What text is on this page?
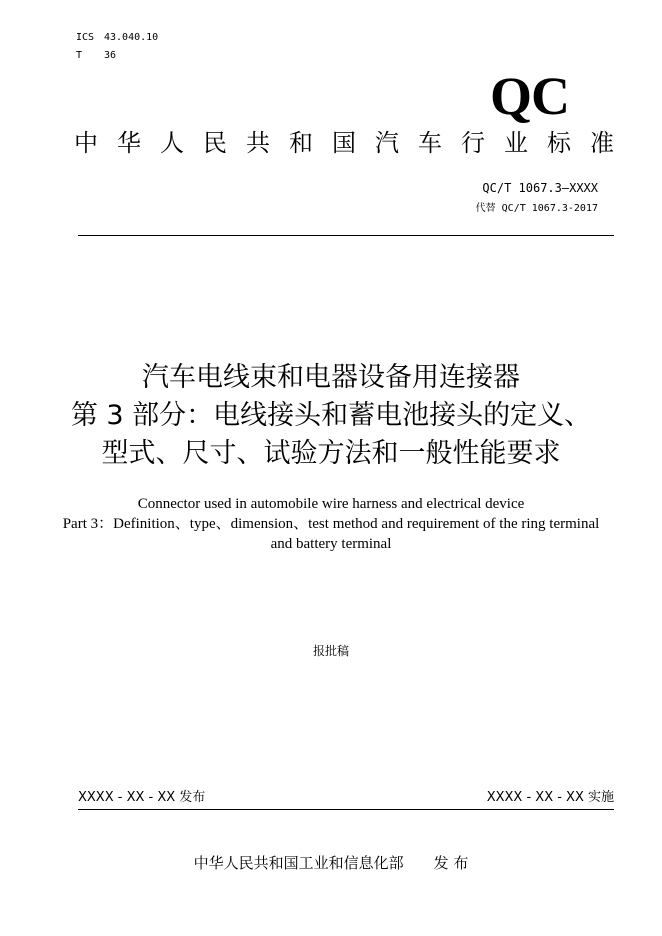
ICS 43.040.10
T 36
QC
中 华 人 民 共 和 国 汽 车 行 业 标 准
QC/T 1067.3—XXXX
代替 QC/T 1067.3-2017
汽车电线束和电器设备用连接器
第 3 部分：电线接头和蓄电池接头的定义、
型式、尺寸、试验方法和一般性能要求
Connector used in automobile wire harness and electrical device
Part 3：Definition、type、dimension、test method and requirement of the ring terminal
and battery terminal
报批稿
XXXX - XX - XX 发布	XXXX - XX - XX 实施
中华人民共和国工业和信息化部 发 布
